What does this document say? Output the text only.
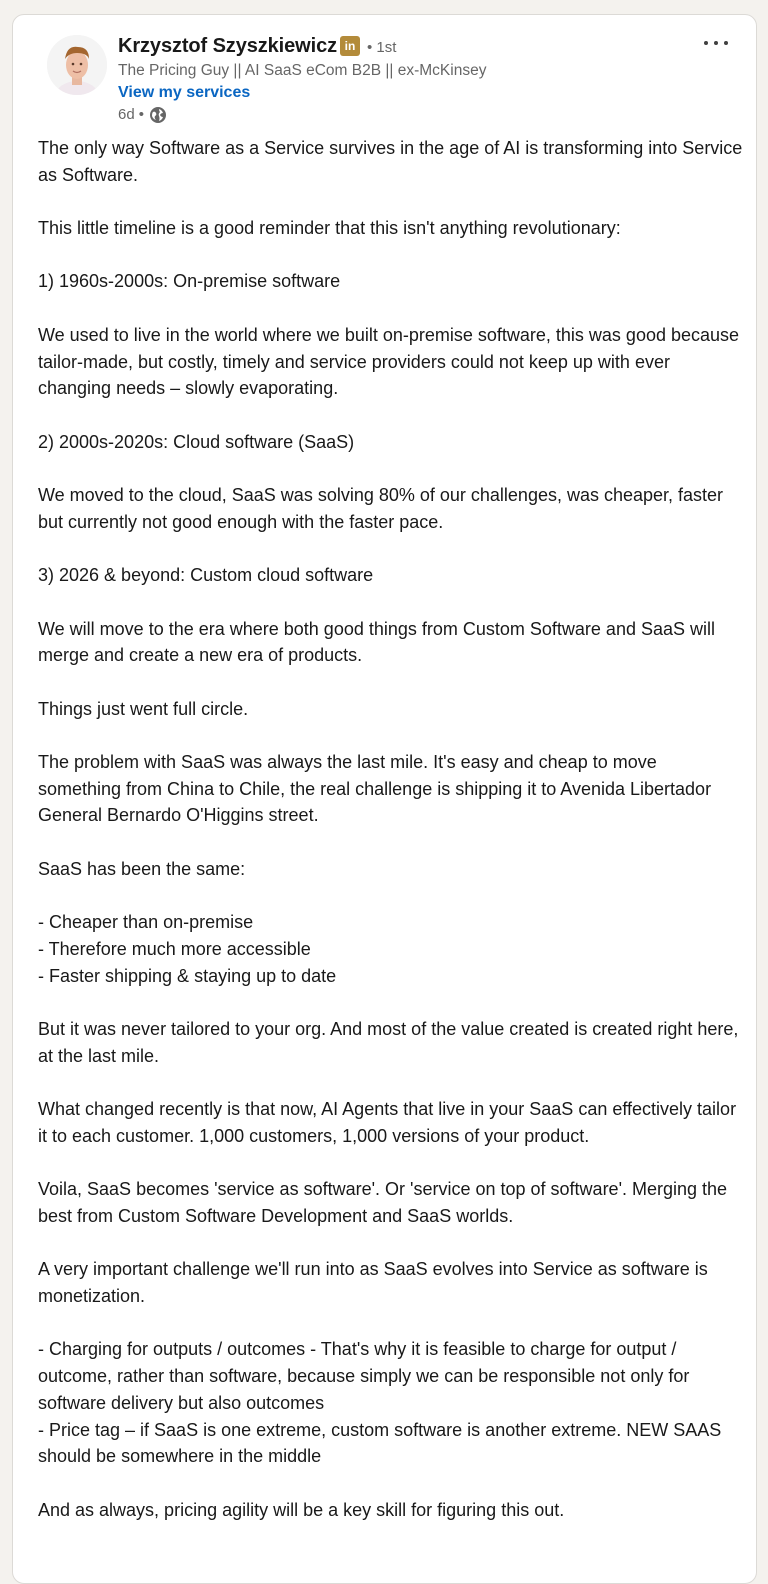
Krzysztof Szyszkiewicz in • 1st
The Pricing Guy || AI SaaS eCom B2B || ex-McKinsey
View my services
6d •

The only way Software as a Service survives in the age of AI is transforming into Service as Software.

This little timeline is a good reminder that this isn't anything revolutionary:

1) 1960s-2000s: On-premise software

We used to live in the world where we built on-premise software, this was good because tailor-made, but costly, timely and service providers could not keep up with ever changing needs – slowly evaporating.

2) 2000s-2020s: Cloud software (SaaS)

We moved to the cloud, SaaS was solving 80% of our challenges, was cheaper, faster but currently not good enough with the faster pace.

3) 2026 & beyond: Custom cloud software

We will move to the era where both good things from Custom Software and SaaS will merge and create a new era of products.

Things just went full circle.

The problem with SaaS was always the last mile. It's easy and cheap to move something from China to Chile, the real challenge is shipping it to Avenida Libertador General Bernardo O'Higgins street.

SaaS has been the same:

- Cheaper than on-premise
- Therefore much more accessible
- Faster shipping & staying up to date

But it was never tailored to your org. And most of the value created is created right here, at the last mile.

What changed recently is that now, AI Agents that live in your SaaS can effectively tailor it to each customer. 1,000 customers, 1,000 versions of your product.

Voila, SaaS becomes 'service as software'. Or 'service on top of software'. Merging the best from Custom Software Development and SaaS worlds.

A very important challenge we'll run into as SaaS evolves into Service as software is monetization.

- Charging for outputs / outcomes - That's why it is feasible to charge for output / outcome, rather than software, because simply we can be responsible not only for software delivery but also outcomes
- Price tag – if SaaS is one extreme, custom software is another extreme. NEW SAAS should be somewhere in the middle

And as always, pricing agility will be a key skill for figuring this out.
